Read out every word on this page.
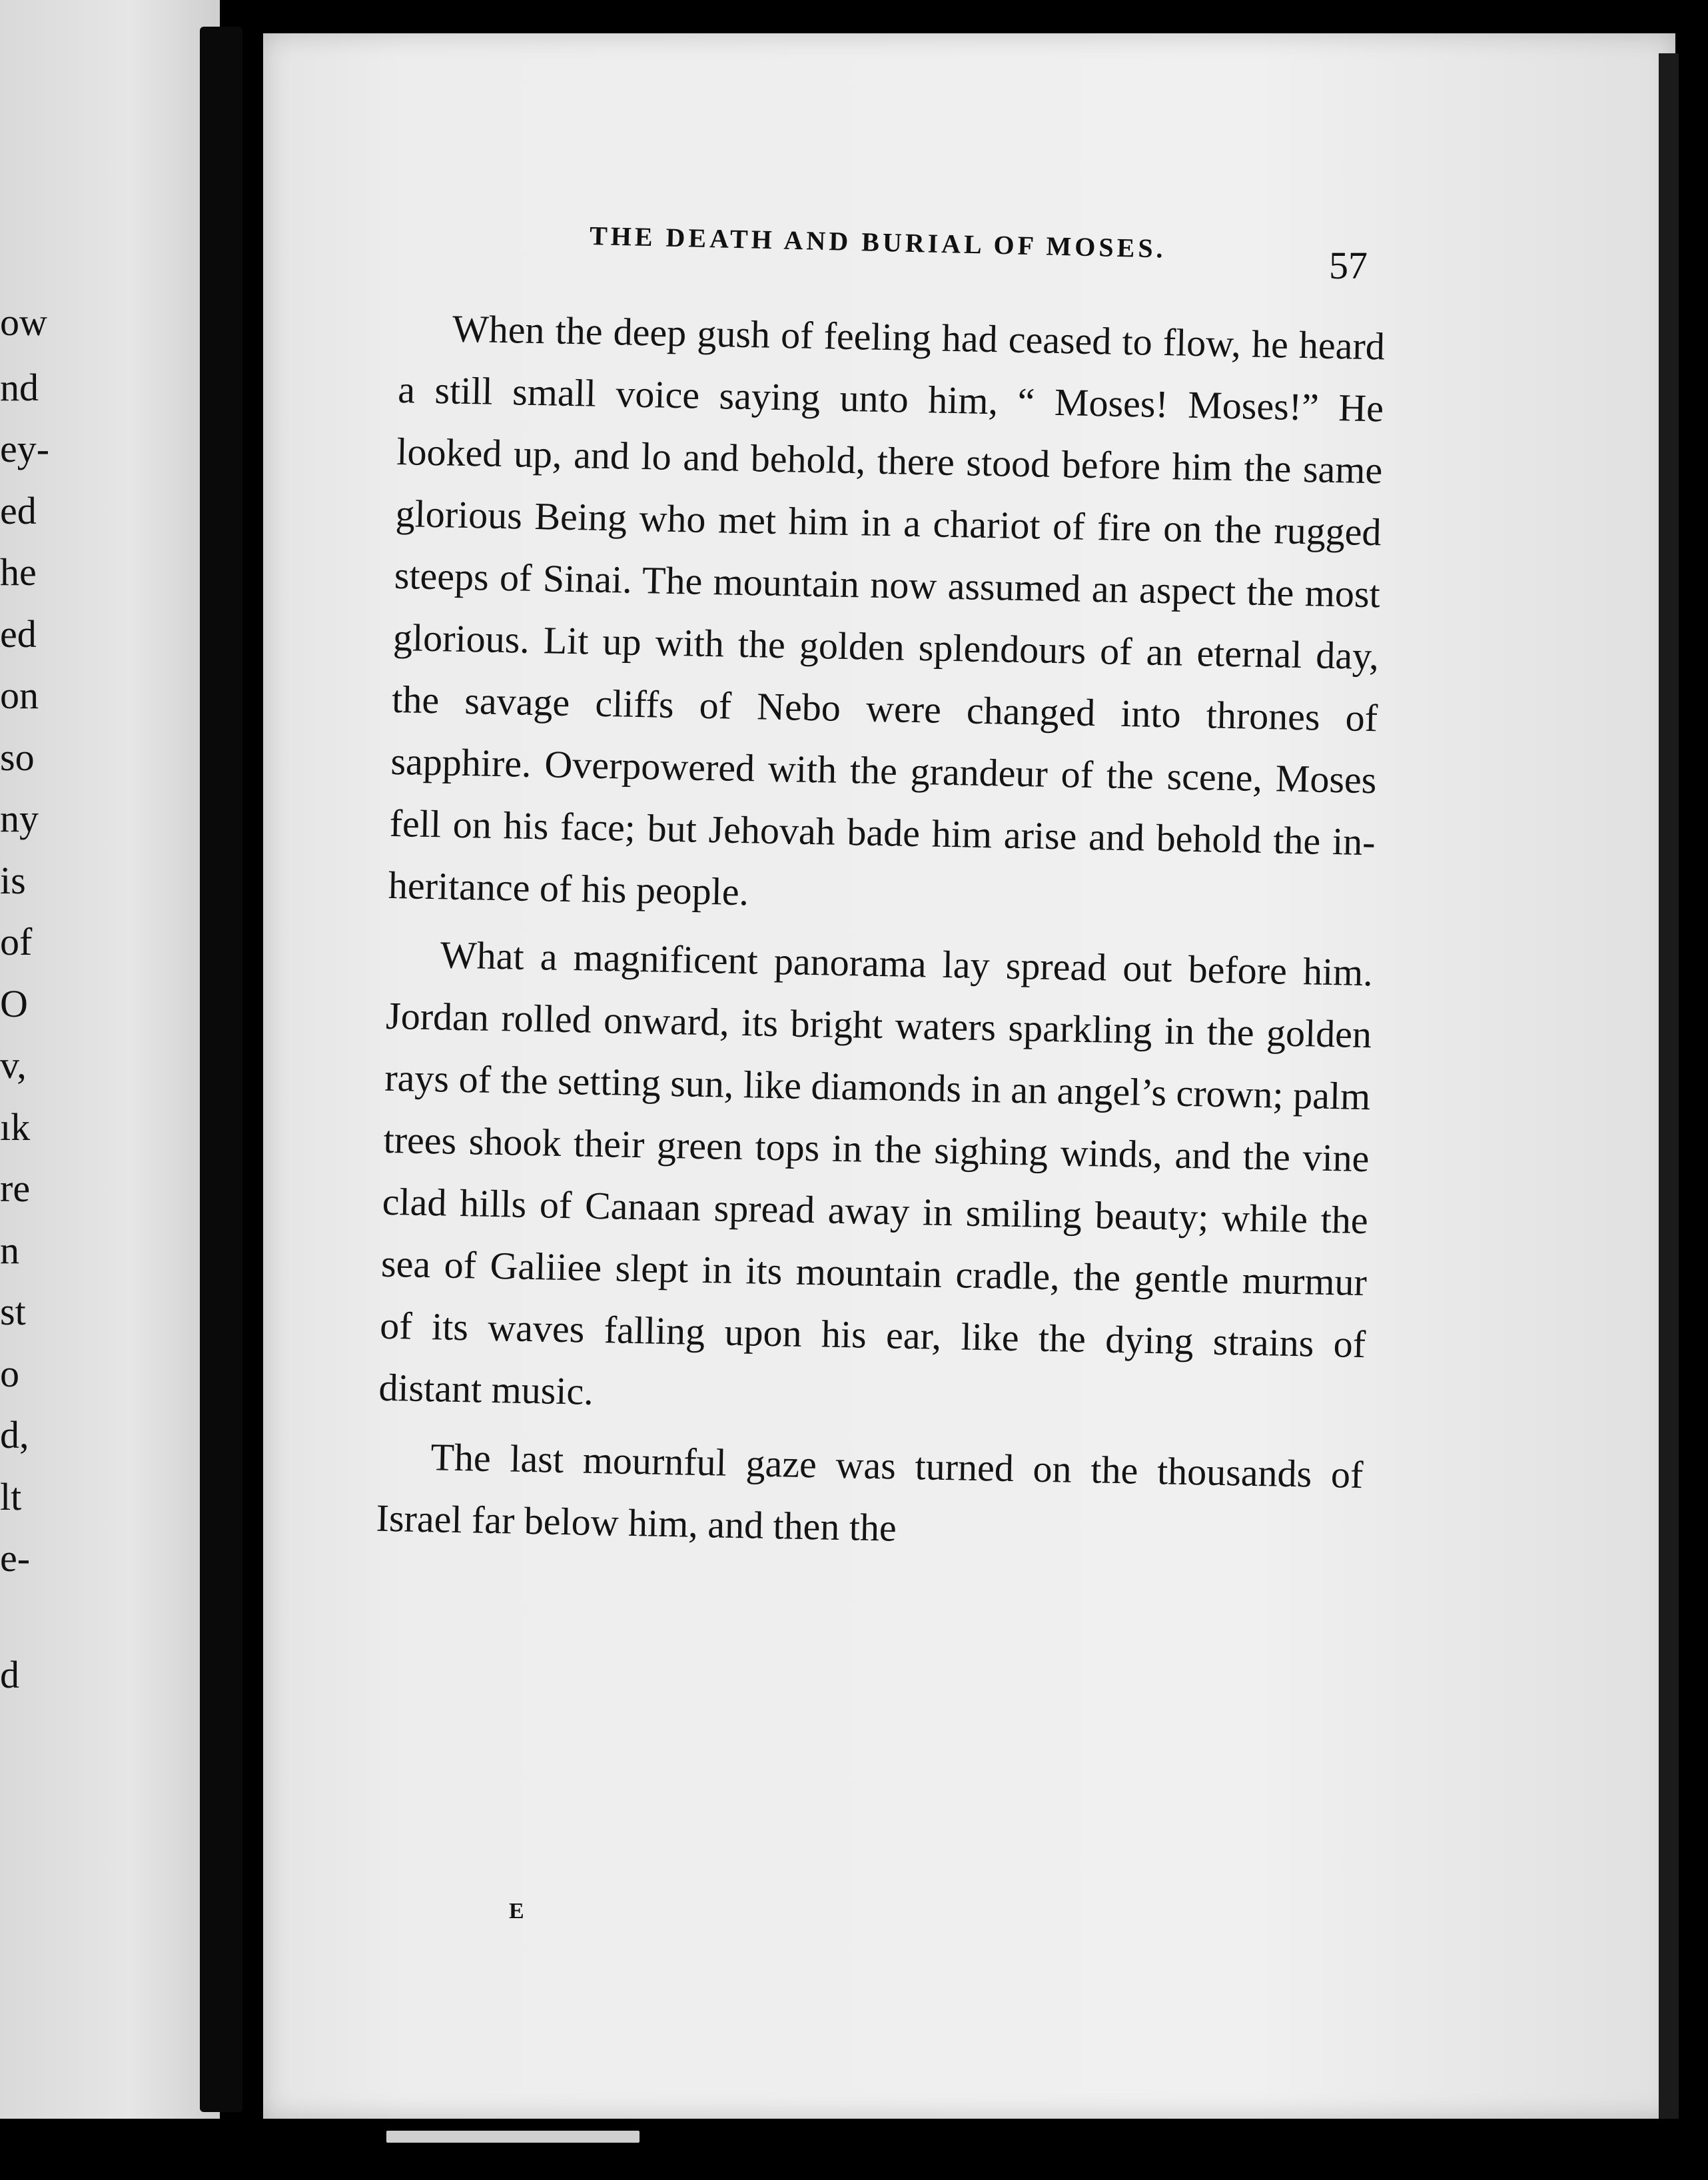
ow
nd
ey-
ed
he
ed
on
so
ny
is
of
O
v,
ık
re
n
st
o
d,
lt
e-
d
THE DEATH AND BURIAL OF MOSES.
57

When the deep gush of feeling had ceased to flow, he heard a still small voice saying unto him, “ Moses! Moses!” He looked up, and lo and behold, there stood before him the same glorious Being who met him in a chariot of fire on the rugged steeps of Sinai. The mountain now assumed an aspect the most glorious. Lit up with the golden splendours of an eternal day, the savage cliffs of Nebo were changed into thrones of sapphire. Overpowered with the grandeur of the scene, Moses fell on his face; but Jehovah bade him arise and behold the in-heritance of his people.

What a magnificent panorama lay spread out before him. Jordan rolled onward, its bright waters sparkling in the golden rays of the setting sun, like diamonds in an angel’s crown; palm trees shook their green tops in the sighing winds, and the vine clad hills of Canaan spread away in smiling beauty; while the sea of Galiiee slept in its mountain cradle, the gentle murmur of its waves falling upon his ear, like the dying strains of distant music.

The last mournful gaze was turned on the thousands of Israel far below him, and then the

E
